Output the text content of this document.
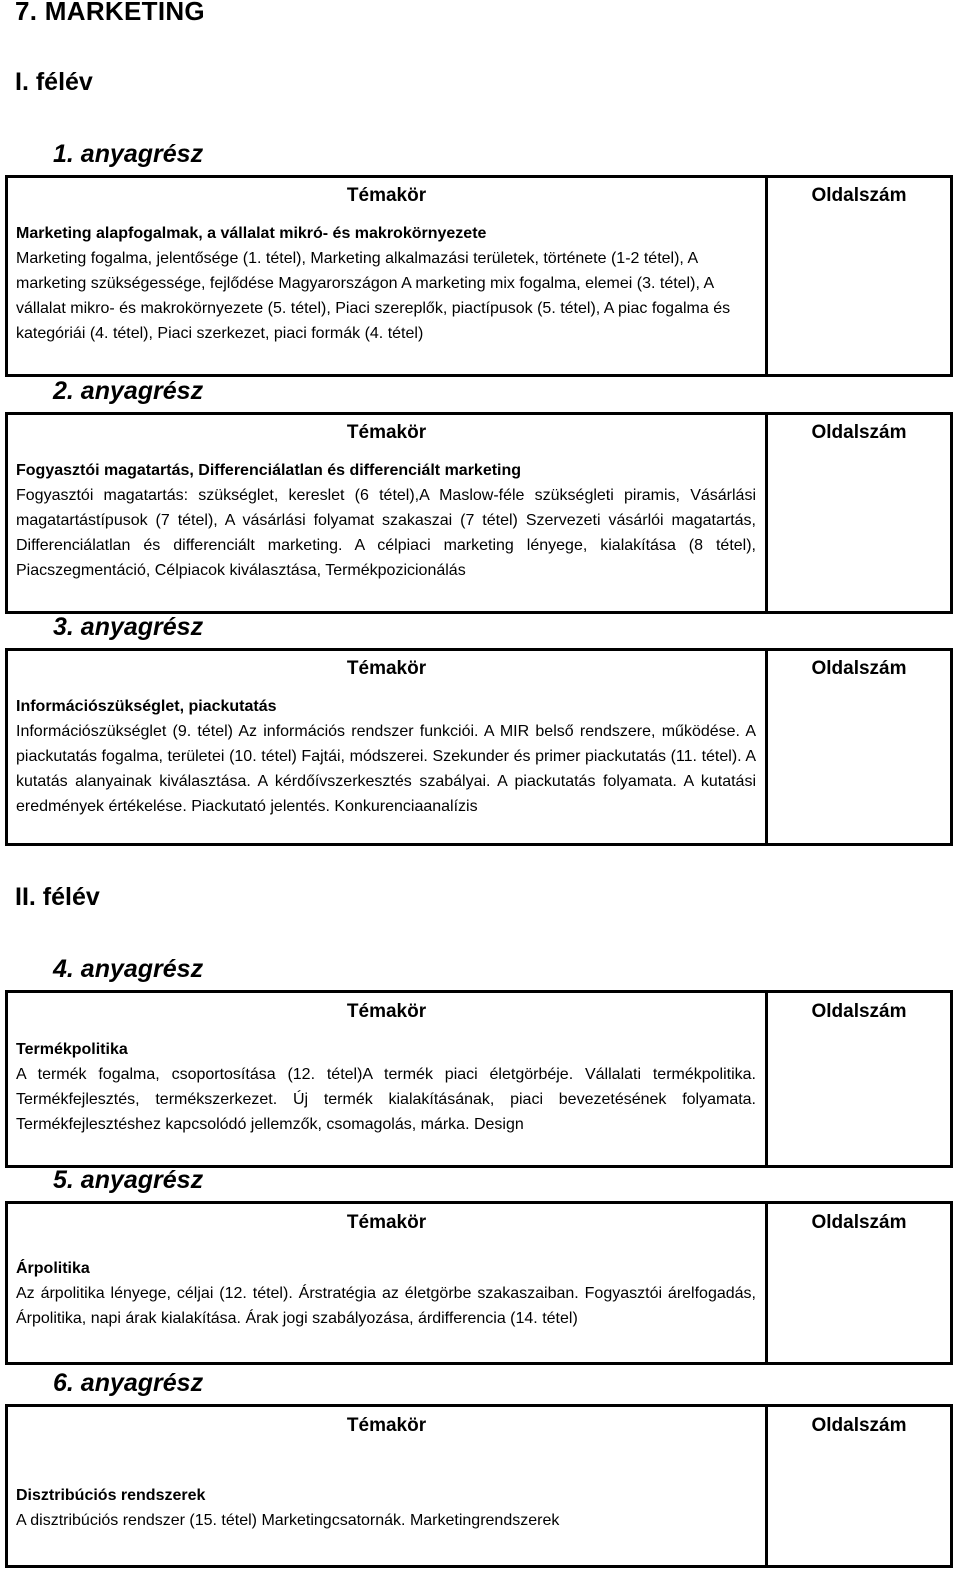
7. MARKETING
I. félév
1. anyagrész
Témakör	Oldalszám
Marketing alapfogalmak, a vállalat mikró- és makrokörnyezete
Marketing fogalma, jelentősége (1. tétel), Marketing alkalmazási területek, története (1-2 tétel), A marketing szükségessége, fejlődése Magyarországon A marketing mix fogalma, elemei (3. tétel), A vállalat mikro- és makrokörnyezete (5. tétel), Piaci szereplők, piactípusok (5. tétel), A piac fogalma és kategóriái (4. tétel), Piaci szerkezet, piaci formák (4. tétel)
2. anyagrész
Témakör	Oldalszám
Fogyasztói magatartás, Differenciálatlan és differenciált marketing
Fogyasztói magatartás: szükséglet, kereslet (6 tétel),A Maslow-féle szükségleti piramis, Vásárlási magatartástípusok (7 tétel), A vásárlási folyamat szakaszai (7 tétel) Szervezeti vásárlói magatartás, Differenciálatlan és differenciált marketing. A célpiaci marketing lényege, kialakítása (8 tétel), Piacszegmentáció, Célpiacok kiválasztása, Termékpozicionálás
3. anyagrész
Témakör	Oldalszám
Információszükséglet, piackutatás
Információszükséglet (9. tétel) Az információs rendszer funkciói. A MIR belső rendszere, működése. A piackutatás fogalma, területei (10. tétel) Fajtái, módszerei. Szekunder és primer piackutatás (11. tétel). A kutatás alanyainak kiválasztása. A kérdőívszerkesztés szabályai. A piackutatás folyamata. A kutatási eredmények értékelése. Piackutató jelentés. Konkurenciaanalízis
II. félév
4. anyagrész
Témakör	Oldalszám
Termékpolitika
A termék fogalma, csoportosítása (12. tétel)A termék piaci életgörbéje. Vállalati termékpolitika. Termékfejlesztés, termékszerkezet. Új termék kialakításának, piaci bevezetésének folyamata. Termékfejlesztéshez kapcsolódó jellemzők, csomagolás, márka. Design
5. anyagrész
Témakör	Oldalszám
Árpolitika
Az árpolitika lényege, céljai (12. tétel). Árstratégia az életgörbe szakaszaiban. Fogyasztói árelfogadás, Árpolitika, napi árak kialakítása. Árak jogi szabályozása, árdifferencia (14. tétel)
6. anyagrész
Témakör	Oldalszám
Disztribúciós rendszerek
A disztribúciós rendszer (15. tétel) Marketingcsatornák. Marketingrendszerek
